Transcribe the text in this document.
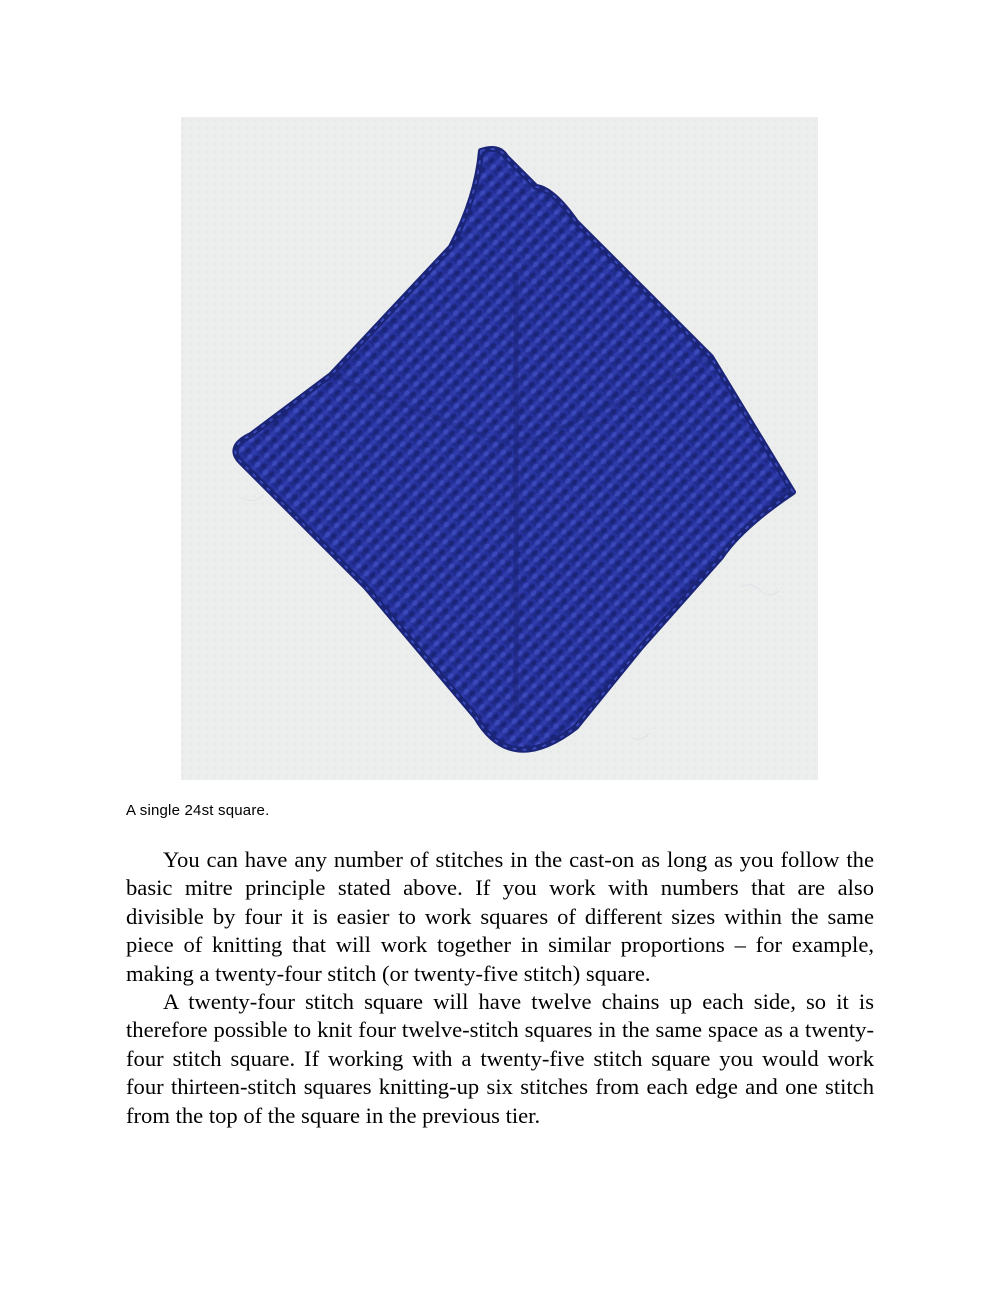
A single 24st square.

You can have any number of stitches in the cast-on as long as you follow the basic mitre principle stated above. If you work with numbers that are also divisible by four it is easier to work squares of different sizes within the same piece of knitting that will work together in similar proportions – for example, making a twenty-four stitch (or twenty-five stitch) square.

A twenty-four stitch square will have twelve chains up each side, so it is therefore possible to knit four twelve-stitch squares in the same space as a twenty-four stitch square. If working with a twenty-five stitch square you would work four thirteen-stitch squares knitting-up six stitches from each edge and one stitch from the top of the square in the previous tier.
